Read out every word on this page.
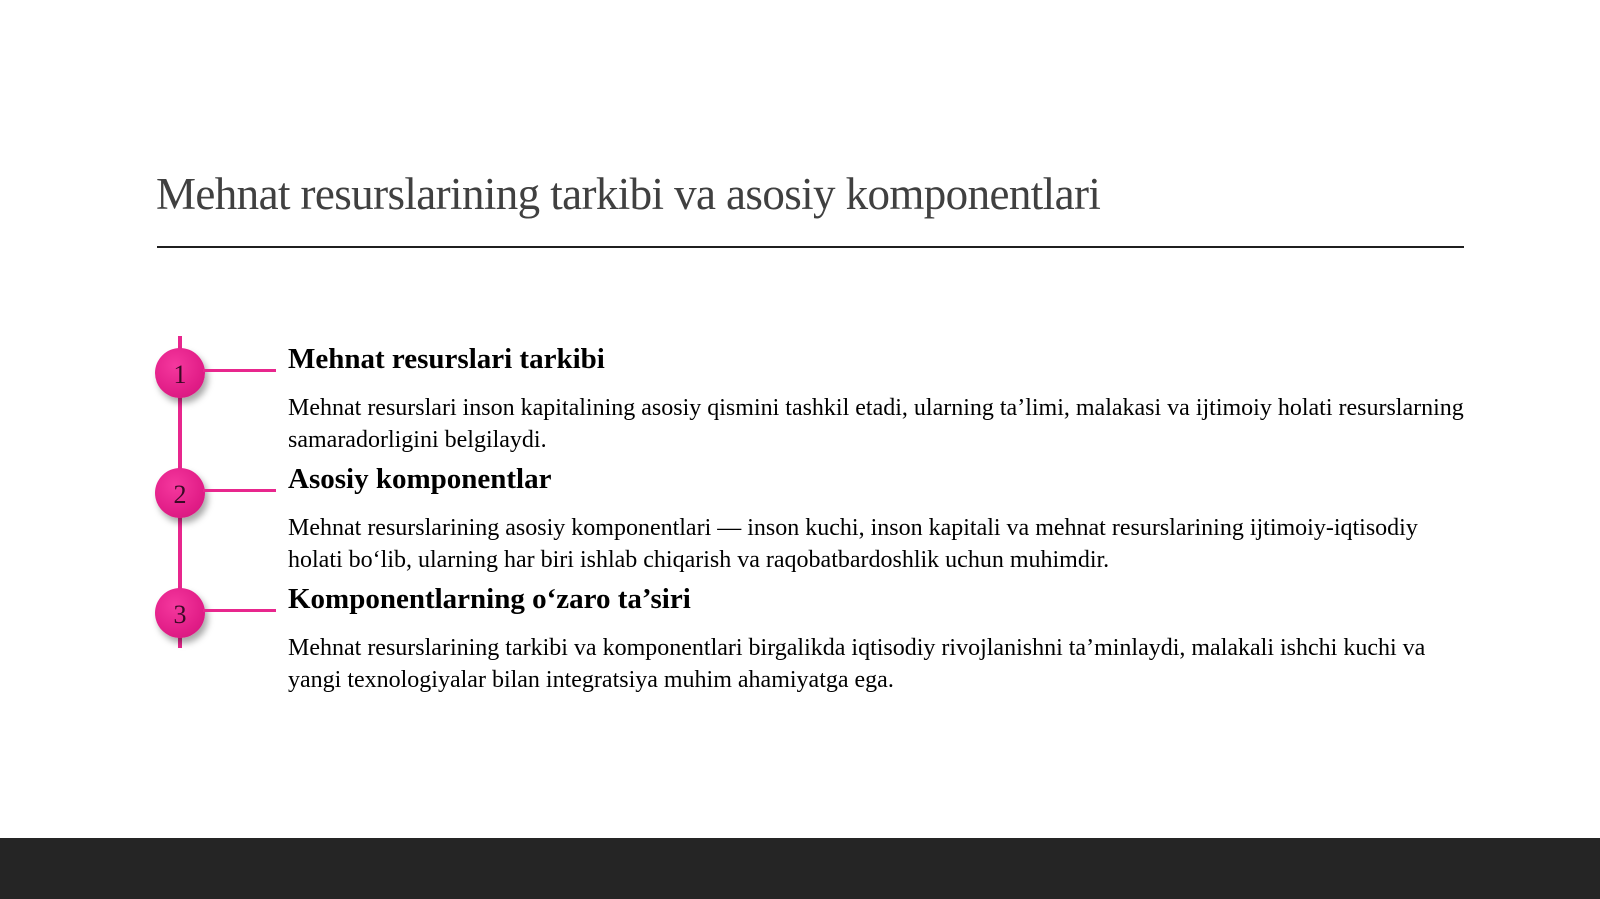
Mehnat resurslarining tarkibi va asosiy komponentlari
1	Mehnat resurslari tarkibi

Mehnat resurslari inson kapitalining asosiy qismini tashkil etadi, ularning ta’limi, malakasi va ijtimoiy holati resurslarning samaradorligini belgilaydi.

2	Asosiy komponentlar

Mehnat resurslarining asosiy komponentlari — inson kuchi, inson kapitali va mehnat resurslarining ijtimoiy-iqtisodiy holati bo‘lib, ularning har biri ishlab chiqarish va raqobatbardoshlik uchun muhimdir.

3	Komponentlarning o‘zaro ta’siri

Mehnat resurslarining tarkibi va komponentlari birgalikda iqtisodiy rivojlanishni ta’minlaydi, malakali ishchi kuchi va yangi texnologiyalar bilan integratsiya muhim ahamiyatga ega.
